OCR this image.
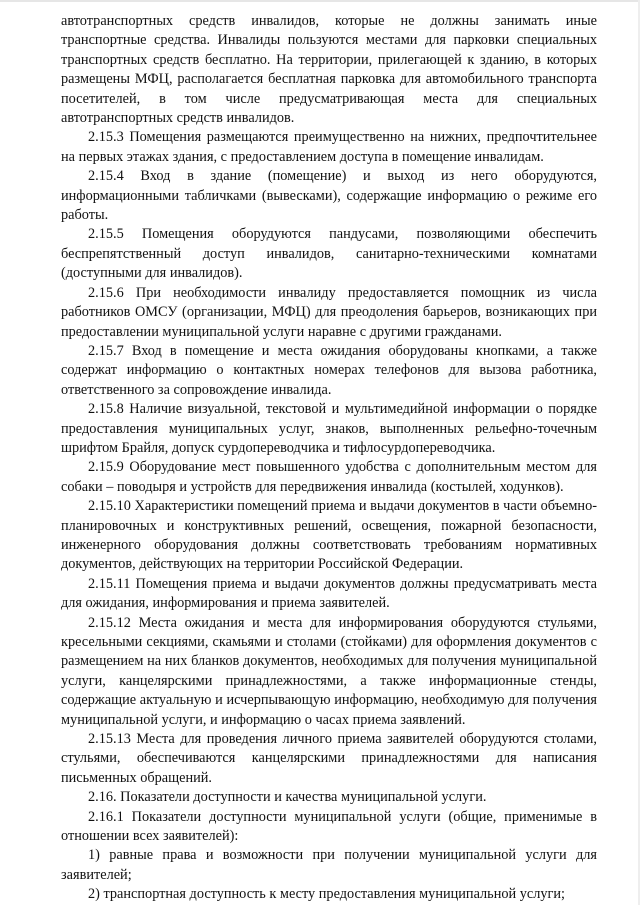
автотранспортных средств инвалидов, которые не должны занимать иные транспортные средства. Инвалиды пользуются местами для парковки специальных транспортных средств бесплатно. На территории, прилегающей к зданию, в которых размещены МФЦ, располагается бесплатная парковка для автомобильного транспорта посетителей, в том числе предусматривающая места для специальных автотранспортных средств инвалидов.

2.15.3 Помещения размещаются преимущественно на нижних, предпочтительнее на первых этажах здания, с предоставлением доступа в помещение инвалидам.

2.15.4 Вход в здание (помещение) и выход из него оборудуются, информационными табличками (вывесками), содержащие информацию о режиме его работы.

2.15.5 Помещения оборудуются пандусами, позволяющими обеспечить беспрепятственный доступ инвалидов, санитарно-техническими комнатами (доступными для инвалидов).

2.15.6 При необходимости инвалиду предоставляется помощник из числа работников ОМСУ (организации, МФЦ) для преодоления барьеров, возникающих при предоставлении муниципальной услуги наравне с другими гражданами.

2.15.7 Вход в помещение и места ожидания оборудованы кнопками, а также содержат информацию о контактных номерах телефонов для вызова работника, ответственного за сопровождение инвалида.

2.15.8 Наличие визуальной, текстовой и мультимедийной информации о порядке предоставления муниципальных услуг, знаков, выполненных рельефно-точечным шрифтом Брайля, допуск сурдопереводчика и тифлосурдопереводчика.

2.15.9 Оборудование мест повышенного удобства с дополнительным местом для собаки – поводыря и устройств для передвижения инвалида (костылей, ходунков).

2.15.10 Характеристики помещений приема и выдачи документов в части объемно-планировочных и конструктивных решений, освещения, пожарной безопасности, инженерного оборудования должны соответствовать требованиям нормативных документов, действующих на территории Российской Федерации.

2.15.11 Помещения приема и выдачи документов должны предусматривать места для ожидания, информирования и приема заявителей.

2.15.12 Места ожидания и места для информирования оборудуются стульями, кресельными секциями, скамьями и столами (стойками) для оформления документов с размещением на них бланков документов, необходимых для получения муниципальной услуги, канцелярскими принадлежностями, а также информационные стенды, содержащие актуальную и исчерпывающую информацию, необходимую для получения муниципальной услуги, и информацию о часах приема заявлений.

2.15.13 Места для проведения личного приема заявителей оборудуются столами, стульями, обеспечиваются канцелярскими принадлежностями для написания письменных обращений.

2.16. Показатели доступности и качества муниципальной услуги.

2.16.1 Показатели доступности муниципальной услуги (общие, применимые в отношении всех заявителей):

1) равные права и возможности при получении муниципальной услуги для заявителей;

2) транспортная доступность к месту предоставления муниципальной услуги;
